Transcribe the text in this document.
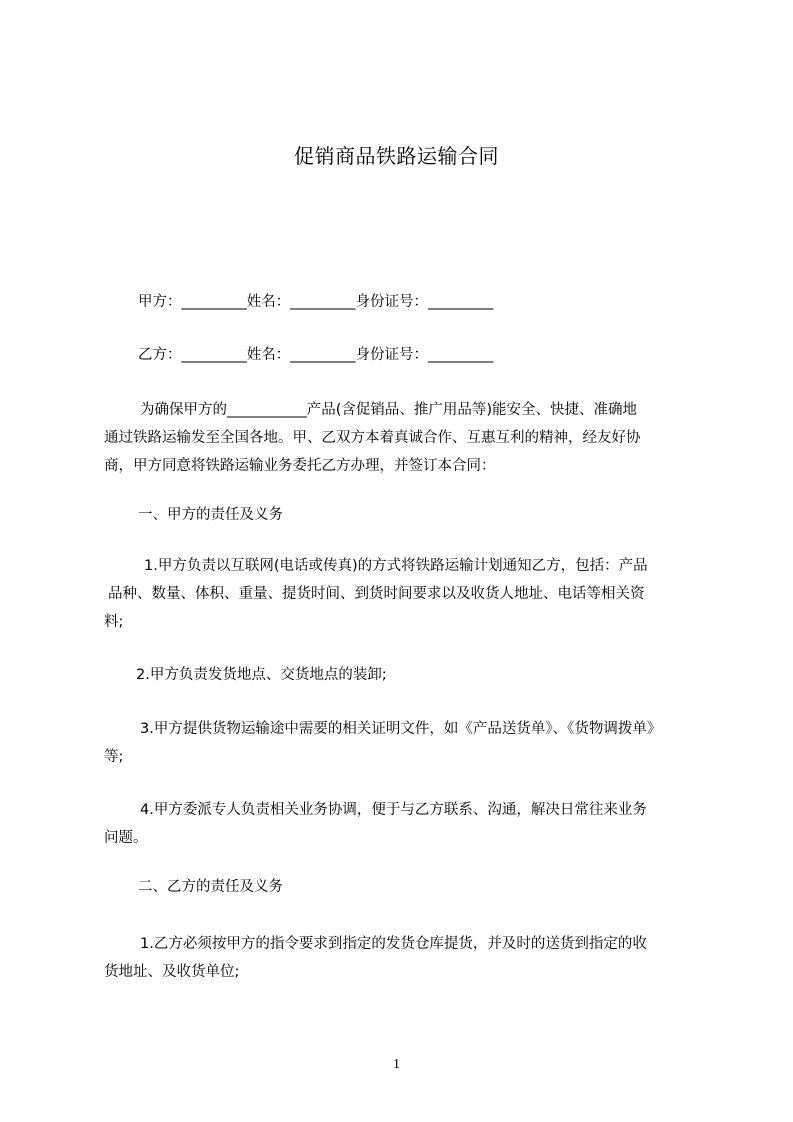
促销商品铁路运输合同
甲方：_________姓名：_________身份证号：_________
乙方：_________姓名：_________身份证号：_________
为确保甲方的___________产品(含促销品、推广用品等)能安全、快捷、准确地
通过铁路运输发至全国各地。甲、乙双方本着真诚合作、互惠互利的精神，经友好协
商，甲方同意将铁路运输业务委托乙方办理，并签订本合同：
一、甲方的责任及义务
1.甲方负责以互联网(电话或传真)的方式将铁路运输计划通知乙方，包括：产品
品种、数量、体积、重量、提货时间、到货时间要求以及收货人地址、电话等相关资
料;
2.甲方负责发货地点、交货地点的装卸;
3.甲方提供货物运输途中需要的相关证明文件，如《产品送货单》、《货物调拨单》
等;
4.甲方委派专人负责相关业务协调，便于与乙方联系、沟通，解决日常往来业务
问题。
二、乙方的责任及义务
1.乙方必须按甲方的指令要求到指定的发货仓库提货，并及时的送货到指定的收
货地址、及收货单位;
1
